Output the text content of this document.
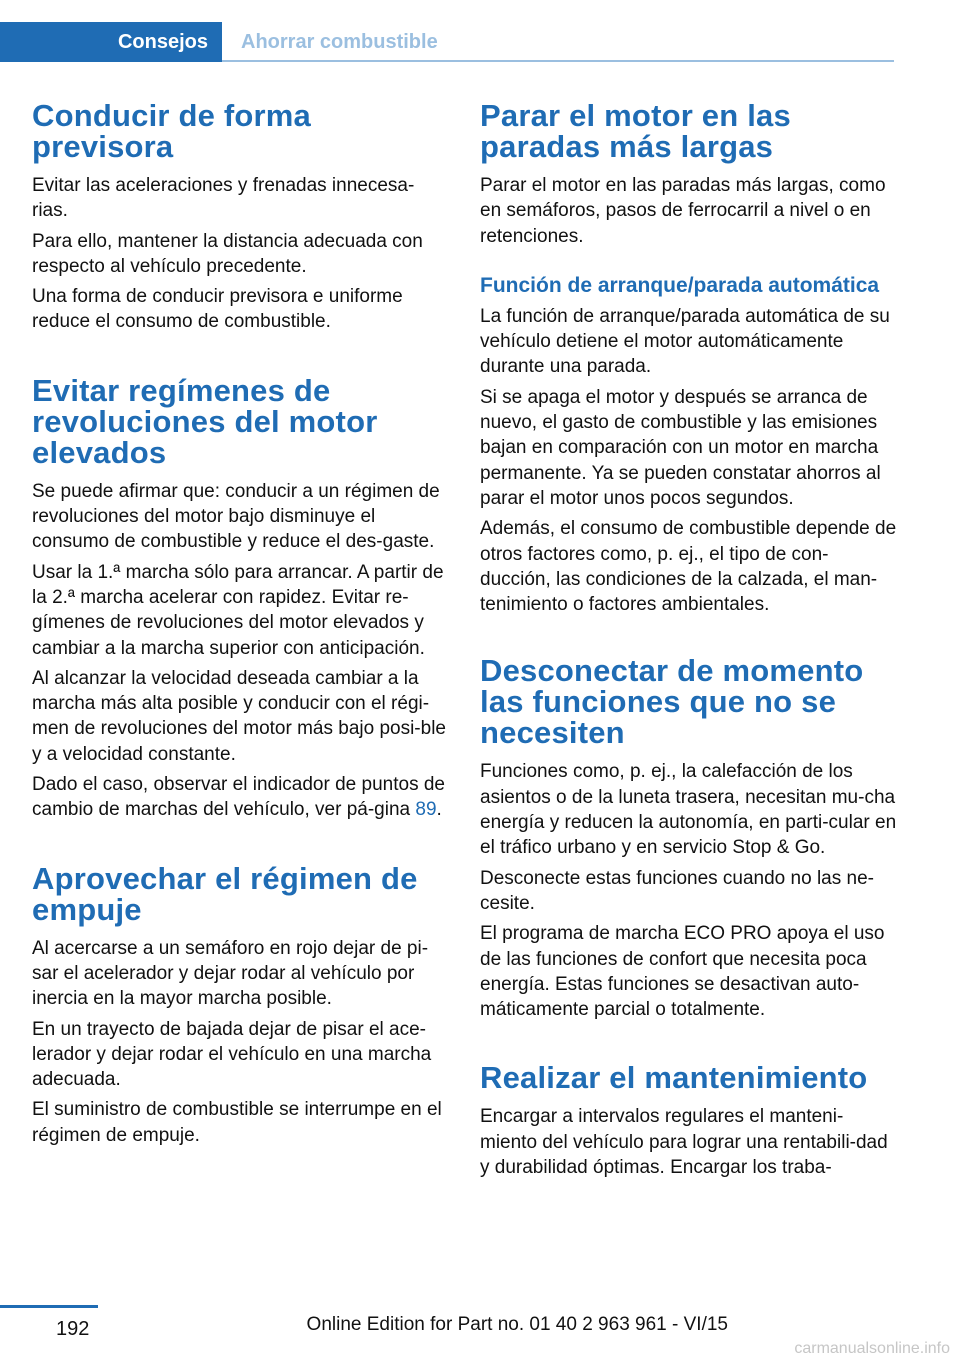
Consejos Ahorrar combustible
Conducir de forma previsora

Evitar las aceleraciones y frenadas innecesa‐rias.

Para ello, mantener la distancia adecuada con respecto al vehículo precedente.

Una forma de conducir previsora e uniforme reduce el consumo de combustible.

Evitar regímenes de revoluciones del motor elevados

Se puede afirmar que: conducir a un régimen de revoluciones del motor bajo disminuye el consumo de combustible y reduce el des‐gaste.

Usar la 1.ª marcha sólo para arrancar. A partir de la 2.ª marcha acelerar con rapidez. Evitar re‐gímenes de revoluciones del motor elevados y cambiar a la marcha superior con anticipación.

Al alcanzar la velocidad deseada cambiar a la marcha más alta posible y conducir con el régi‐men de revoluciones del motor más bajo posi‐ble y a velocidad constante.

Dado el caso, observar el indicador de puntos de cambio de marchas del vehículo, ver pá‐gina 89.

Aprovechar el régimen de empuje

Al acercarse a un semáforo en rojo dejar de pi‐sar el acelerador y dejar rodar al vehículo por inercia en la mayor marcha posible.

En un trayecto de bajada dejar de pisar el ace‐lerador y dejar rodar el vehículo en una marcha adecuada.

El suministro de combustible se interrumpe en el régimen de empuje.

Parar el motor en las paradas más largas

Parar el motor en las paradas más largas, como en semáforos, pasos de ferrocarril a nivel o en retenciones.

Función de arranque/parada automática

La función de arranque/parada automática de su vehículo detiene el motor automáticamente durante una parada.

Si se apaga el motor y después se arranca de nuevo, el gasto de combustible y las emisiones bajan en comparación con un motor en marcha permanente. Ya se pueden constatar ahorros al parar el motor unos pocos segundos.

Además, el consumo de combustible depende de otros factores como, p. ej., el tipo de con‐ducción, las condiciones de la calzada, el man‐tenimiento o factores ambientales.

Desconectar de momento las funciones que no se necesiten

Funciones como, p. ej., la calefacción de los asientos o de la luneta trasera, necesitan mu‐cha energía y reducen la autonomía, en parti‐cular en el tráfico urbano y en servicio Stop & Go.

Desconecte estas funciones cuando no las ne‐cesite.

El programa de marcha ECO PRO apoya el uso de las funciones de confort que necesita poca energía. Estas funciones se desactivan auto‐máticamente parcial o totalmente.

Realizar el mantenimiento

Encargar a intervalos regulares el manteni‐miento del vehículo para lograr una rentabili‐dad y durabilidad óptimas. Encargar los traba‐

192	Online Edition for Part no. 01 40 2 963 961 - VI/15
carmanualsonline.info
